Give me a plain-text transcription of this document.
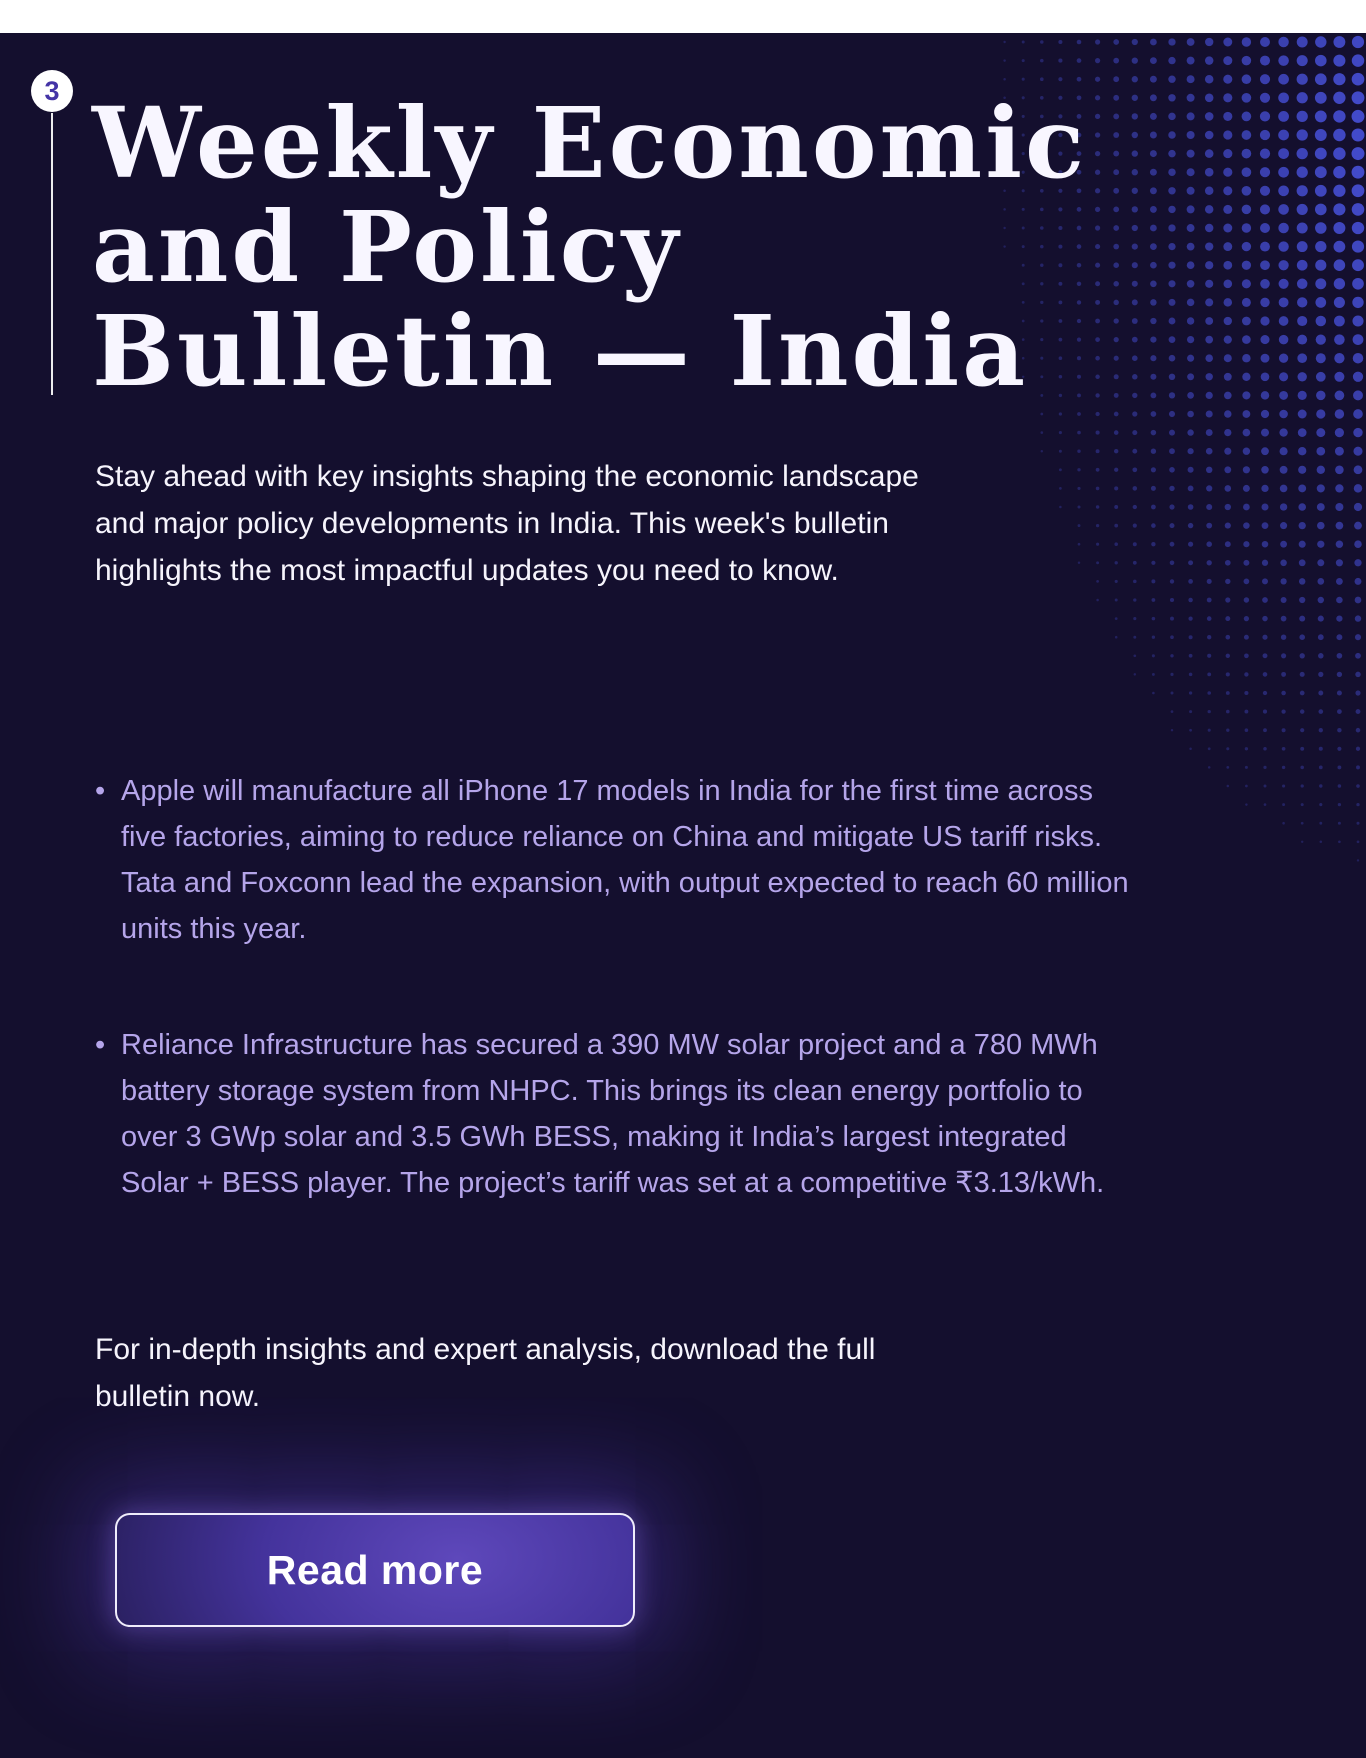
3 Weekly Economic
and Policy
Bulletin — India

Stay ahead with key insights shaping the economic landscape and major policy developments in India. This week's bulletin highlights the most impactful updates you need to know.

• Apple will manufacture all iPhone 17 models in India for the first time across five factories, aiming to reduce reliance on China and mitigate US tariff risks. Tata and Foxconn lead the expansion, with output expected to reach 60 million units this year.
• Reliance Infrastructure has secured a 390 MW solar project and a 780 MWh battery storage system from NHPC. This brings its clean energy portfolio to over 3 GWp solar and 3.5 GWh BESS, making it India’s largest integrated Solar + BESS player. The project’s tariff was set at a competitive ₹3.13/kWh.

For in-depth insights and expert analysis, download the full bulletin now.

Read more
